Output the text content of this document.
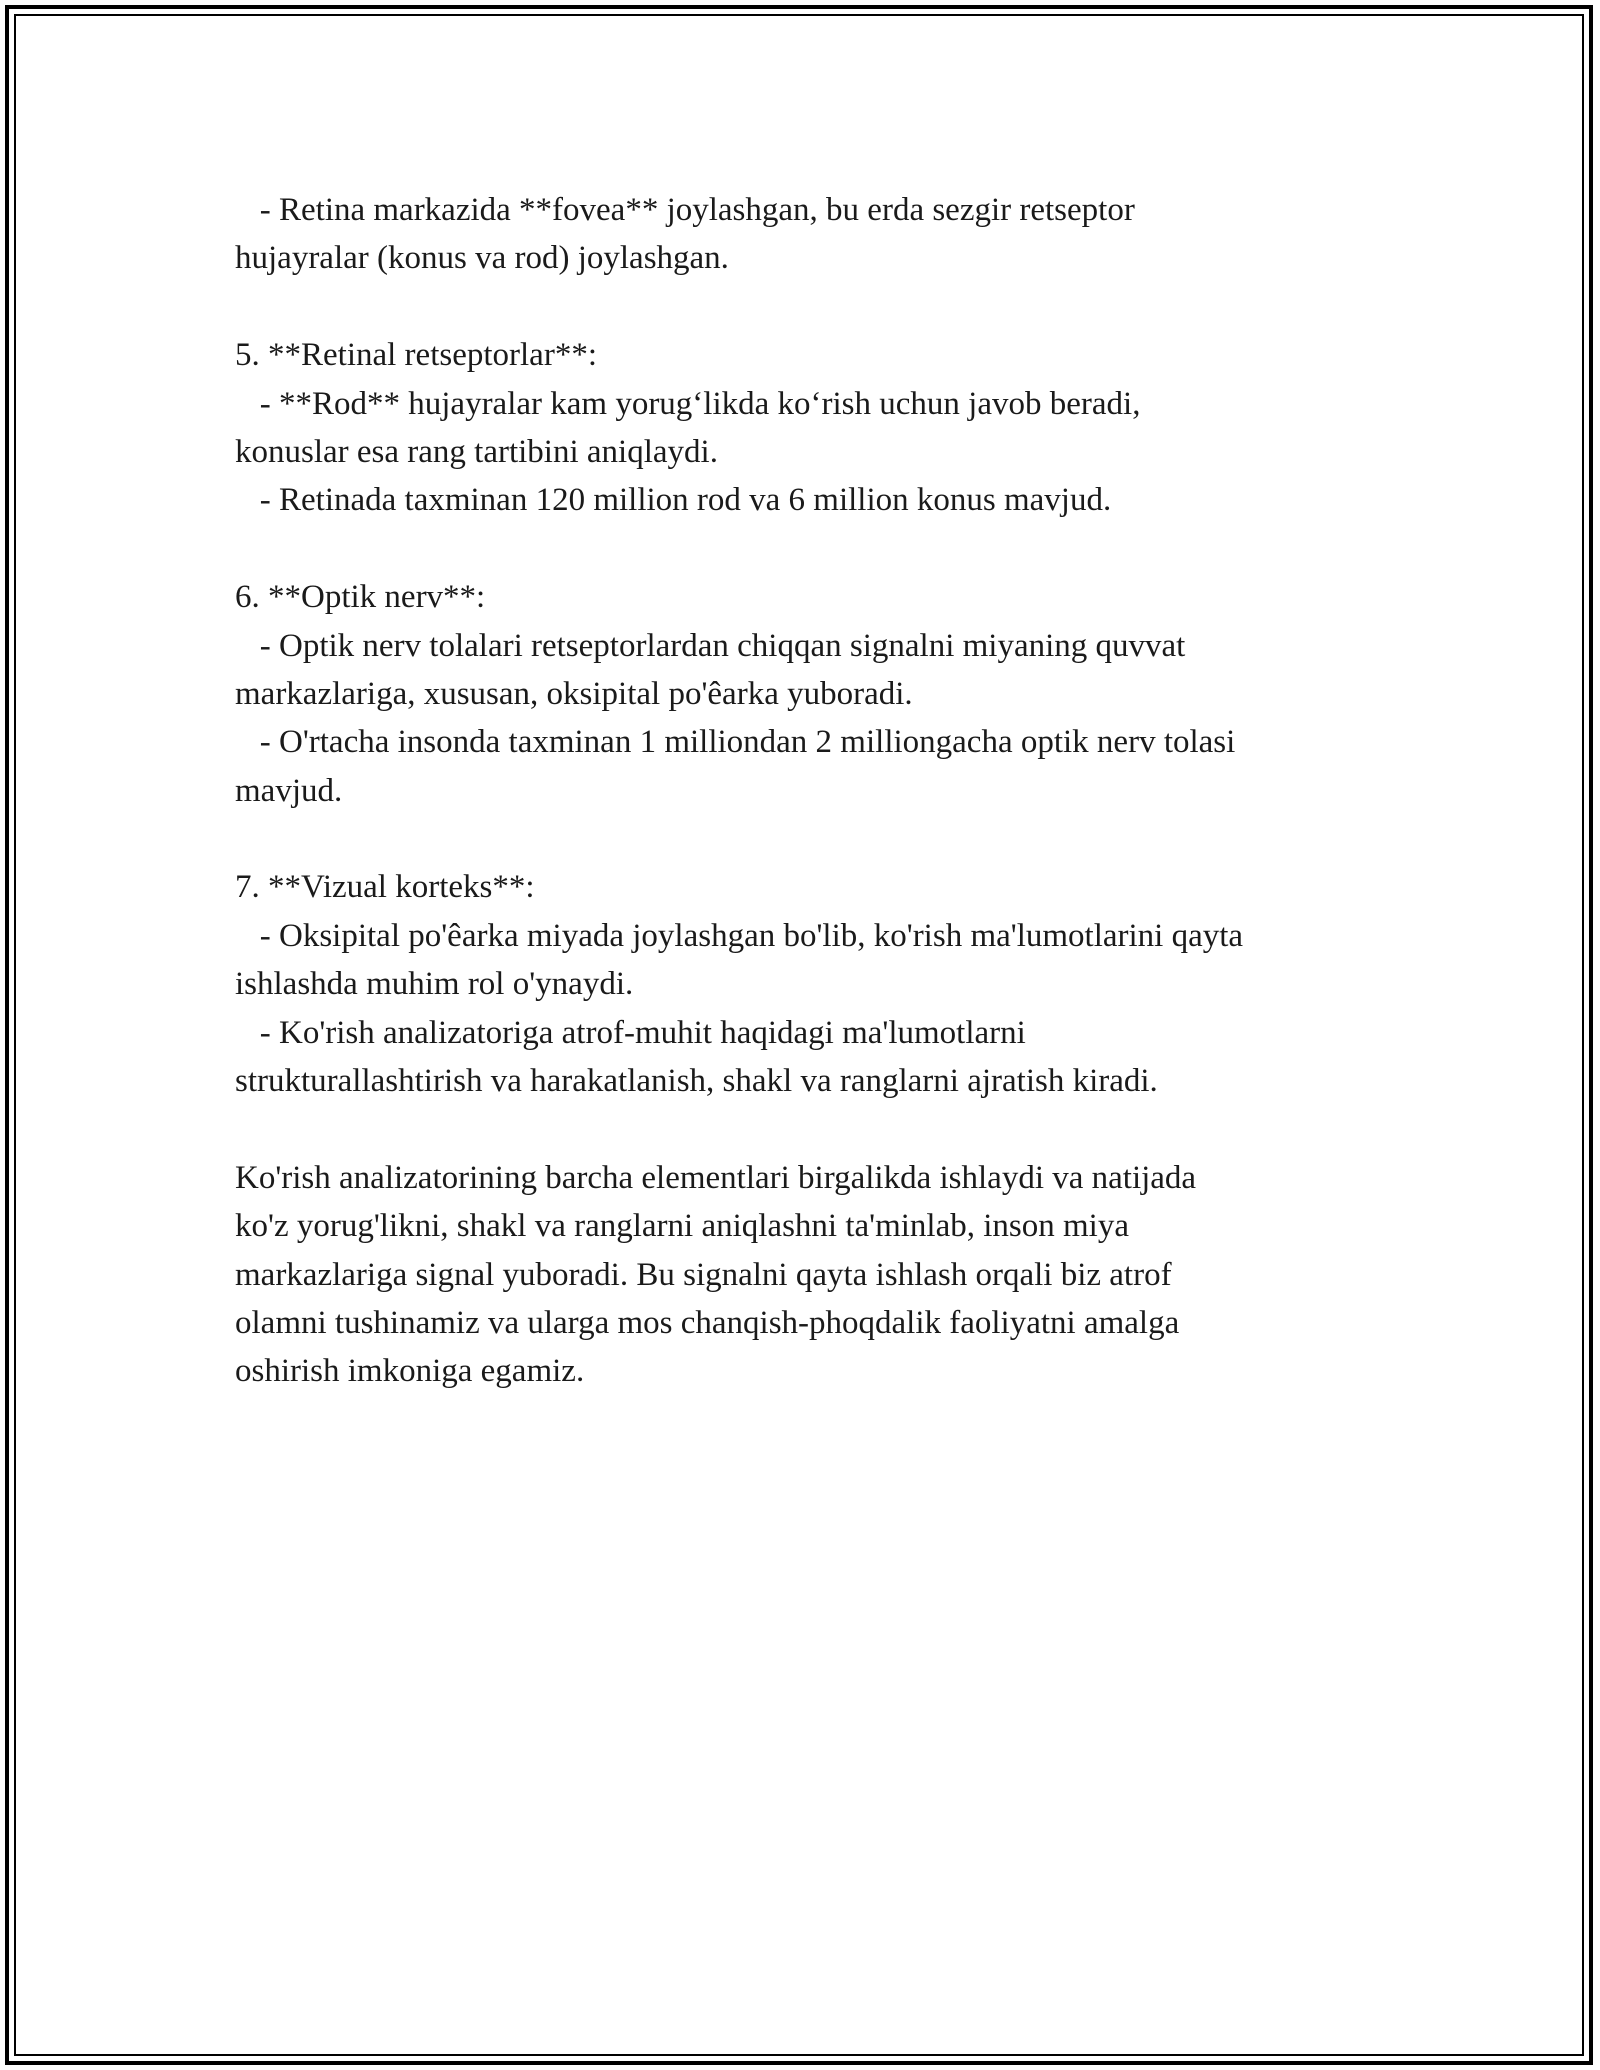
- Retina markazida **fovea** joylashgan, bu erda sezgir retseptor
hujayralar (konus va rod) joylashgan.
5. **Retinal retseptorlar**:
- **Rod** hujayralar kam yorug‘likda ko‘rish uchun javob beradi,
konuslar esa rang tartibini aniqlaydi.
- Retinada taxminan 120 million rod va 6 million konus mavjud.
6. **Optik nerv**:
- Optik nerv tolalari retseptorlardan chiqqan signalni miyaning quvvat
markazlariga, xususan, oksipital po'êarka yuboradi.
- O'rtacha insonda taxminan 1 milliondan 2 milliongacha optik nerv tolasi
mavjud.
7. **Vizual korteks**:
- Oksipital po'êarka miyada joylashgan bo'lib, ko'rish ma'lumotlarini qayta
ishlashda muhim rol o'ynaydi.
- Ko'rish analizatoriga atrof-muhit haqidagi ma'lumotlarni
strukturallashtirish va harakatlanish, shakl va ranglarni ajratish kiradi.
Ko'rish analizatorining barcha elementlari birgalikda ishlaydi va natijada
ko'z yorug'likni, shakl va ranglarni aniqlashni ta'minlab, inson miya
markazlariga signal yuboradi. Bu signalni qayta ishlash orqali biz atrof
olamni tushinamiz va ularga mos chanqish-phoqdalik faoliyatni amalga
oshirish imkoniga egamiz.
